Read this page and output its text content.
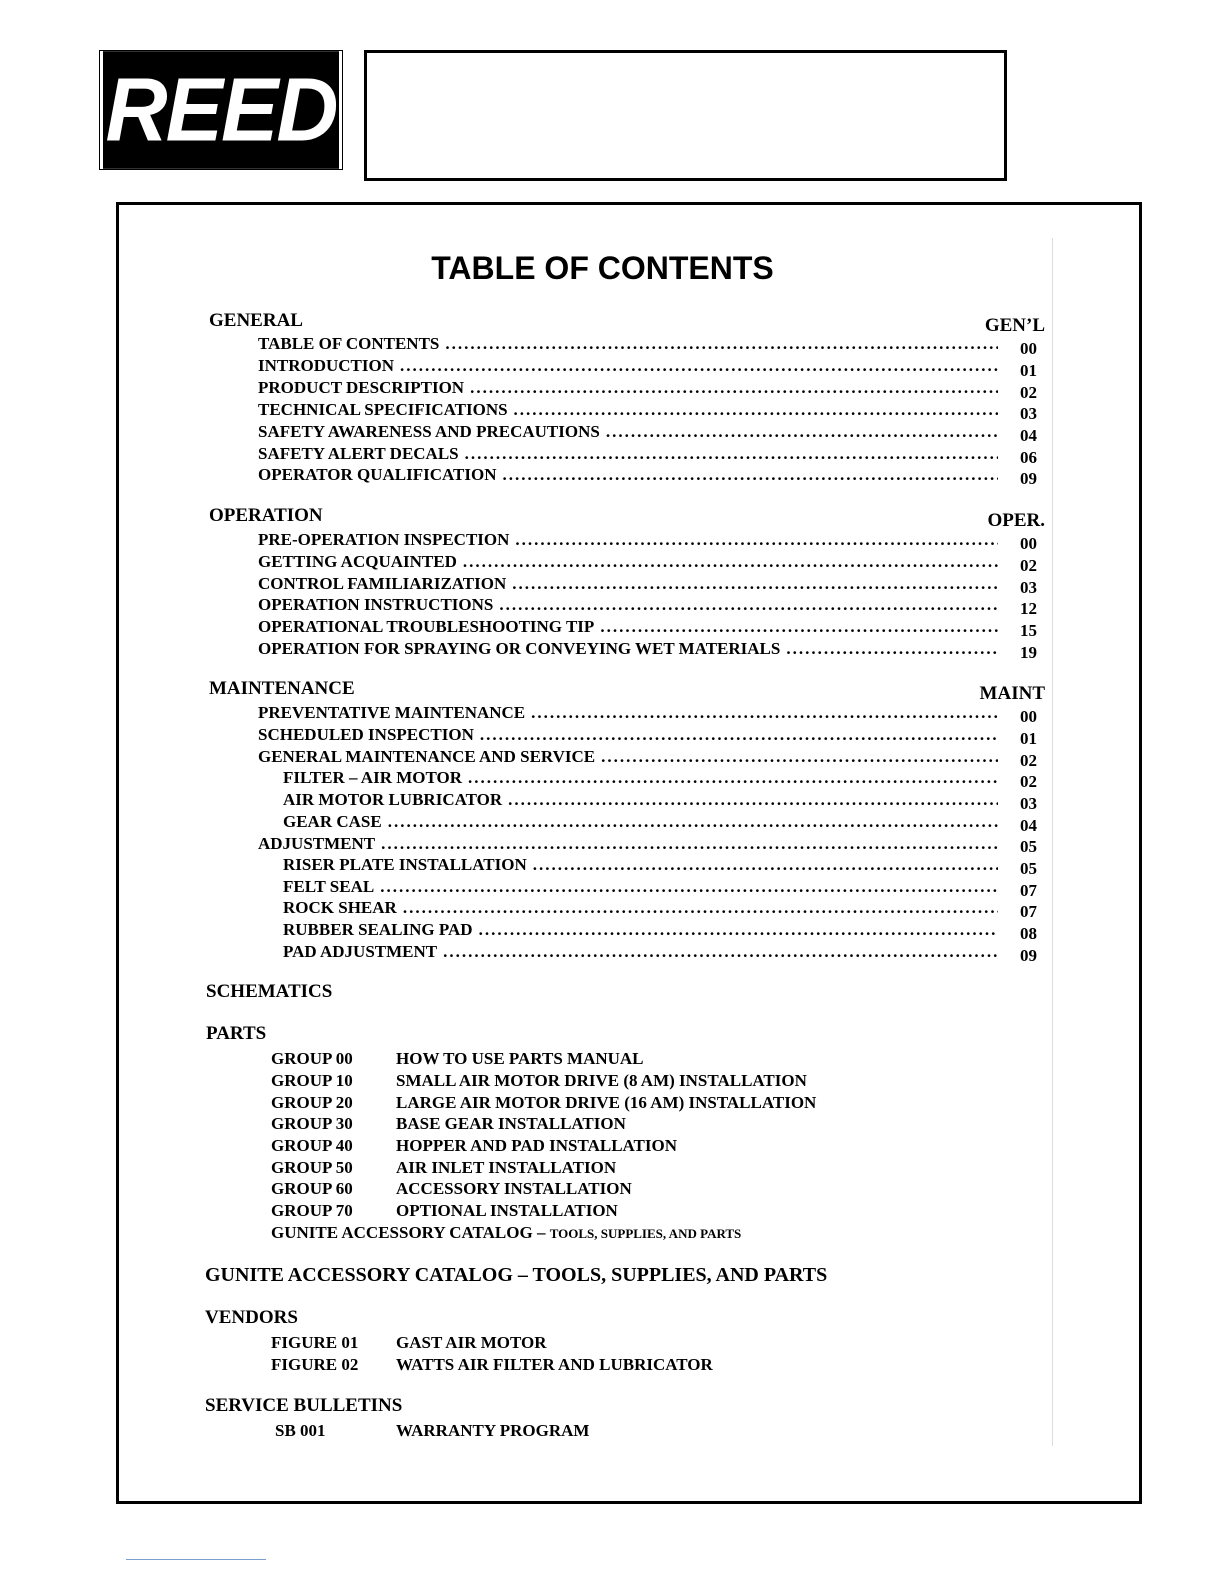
REED
TABLE OF CONTENTS
GENERAL	GEN’L
TABLE OF CONTENTS .....	00
INTRODUCTION .....	01
PRODUCT DESCRIPTION .....	02
TECHNICAL SPECIFICATIONS .....	03
SAFETY AWARENESS AND PRECAUTIONS .....	04
SAFETY ALERT DECALS .....	06
OPERATOR QUALIFICATION .....	09
OPERATION	OPER.
PRE-OPERATION INSPECTION .....	00
GETTING ACQUAINTED .....	02
CONTROL FAMILIARIZATION .....	03
OPERATION INSTRUCTIONS .....	12
OPERATIONAL TROUBLESHOOTING TIP .....	15
OPERATION FOR SPRAYING OR CONVEYING WET MATERIALS .....	19
MAINTENANCE	MAINT
PREVENTATIVE MAINTENANCE .....	00
SCHEDULED INSPECTION .....	01
GENERAL MAINTENANCE AND SERVICE .....	02
FILTER – AIR MOTOR .....	02
AIR MOTOR LUBRICATOR .....	03
GEAR CASE .....	04
ADJUSTMENT .....	05
RISER PLATE INSTALLATION .....	05
FELT SEAL .....	07
ROCK SHEAR .....	07
RUBBER SEALING PAD .....	08
PAD ADJUSTMENT .....	09
SCHEMATICS
PARTS
GROUP 00	HOW TO USE PARTS MANUAL
GROUP 10	SMALL AIR MOTOR DRIVE (8 AM) INSTALLATION
GROUP 20	LARGE AIR MOTOR DRIVE (16 AM) INSTALLATION
GROUP 30	BASE GEAR INSTALLATION
GROUP 40	HOPPER AND PAD INSTALLATION
GROUP 50	AIR INLET INSTALLATION
GROUP 60	ACCESSORY INSTALLATION
GROUP 70	OPTIONAL INSTALLATION
GUNITE ACCESSORY CATALOG – TOOLS, SUPPLIES, AND PARTS
GUNITE ACCESSORY CATALOG – TOOLS, SUPPLIES, AND PARTS
VENDORS
FIGURE 01 GAST AIR MOTOR
FIGURE 02 WATTS AIR FILTER AND LUBRICATOR
SERVICE BULLETINS
SB 001	WARRANTY PROGRAM
